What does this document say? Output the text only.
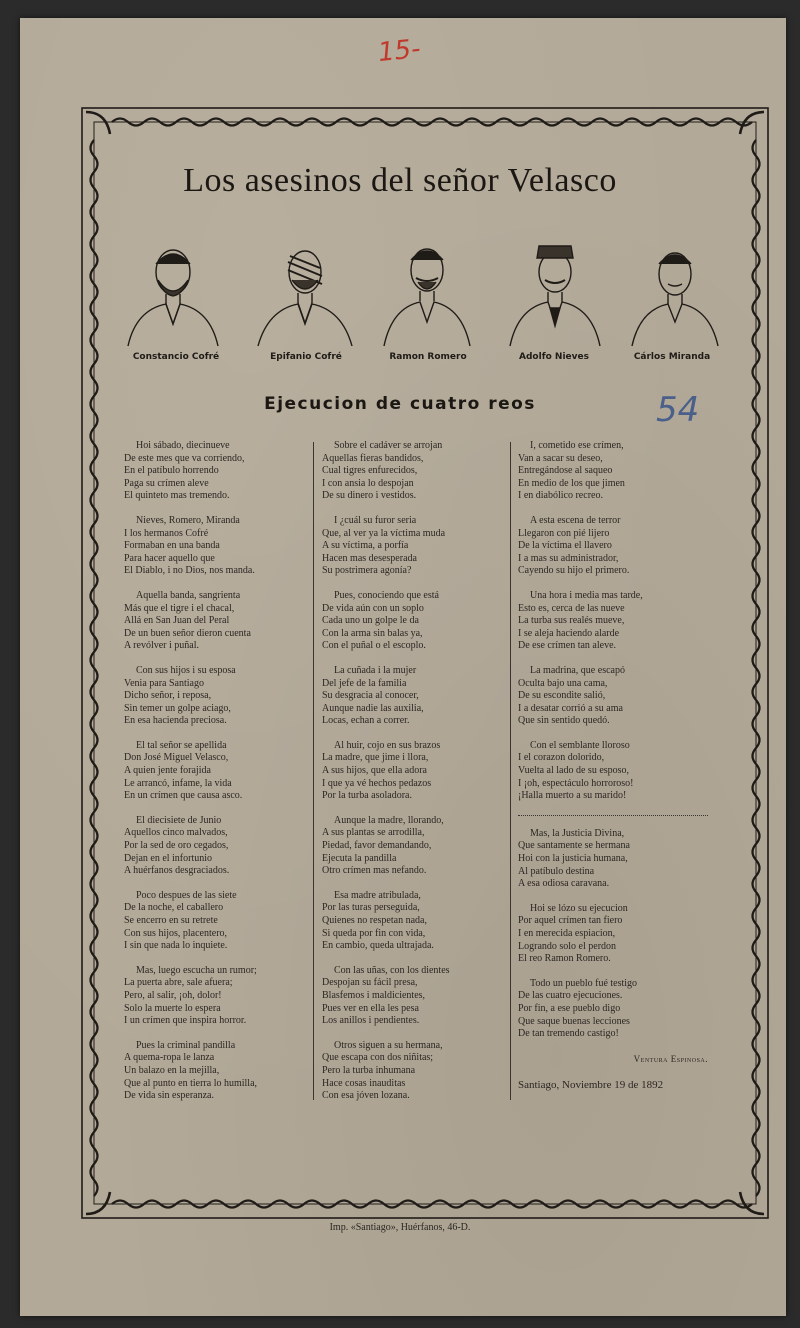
15-
54
Los asesinos del señor Velasco
Constancio Cofré	Epifanio Cofré	Ramon Romero	Adolfo Nieves	Cárlos Miranda
Ejecucion de cuatro reos
Hoi sábado, diecinueve
De este mes que va corriendo,
En el patíbulo horrendo
Paga su crímen aleve
El quinteto mas tremendo.
Nieves, Romero, Miranda
I los hermanos Cofré
Formaban en una banda
Para hacer aquello que
El Diablo, i no Dios, nos manda.
Aquella banda, sangrienta
Más que el tigre i el chacal,
Allá en San Juan del Peral
De un buen señor dieron cuenta
A revólver i puñal.
Con sus hijos i su esposa
Venia para Santiago
Dicho señor, i reposa,
Sin temer un golpe aciago,
En esa hacienda preciosa.
El tal señor se apellida
Don José Miguel Velasco,
A quien jente forajida
Le arrancó, infame, la vida
En un crímen que causa asco.
El diecisiete de Junio
Aquellos cinco malvados,
Por la sed de oro cegados,
Dejan en el infortunio
A huérfanos desgraciados.
Poco despues de las siete
De la noche, el caballero
Se encerro en su retrete
Con sus hijos, placentero,
I sin que nada lo inquiete.
Mas, luego escucha un rumor;
La puerta abre, sale afuera;
Pero, al salir, ¡oh, dolor!
Solo la muerte lo espera
I un crímen que inspira horror.
Pues la criminal pandilla
A quema-ropa le lanza
Un balazo en la mejilla,
Que al punto en tierra lo humilla,
De vida sin esperanza.
Sobre el cadáver se arrojan
Aquellas fieras bandidos,
Cual tigres enfurecidos,
I con ansia lo despojan
De su dinero i vestidos.
I ¿cuál su furor seria
Que, al ver ya la víctima muda
A su víctima, a porfía
Hacen mas desesperada
Su postrimera agonía?
Pues, conociendo que está
De vida aún con un soplo
Cada uno un golpe le da
Con la arma sin balas ya,
Con el puñal o el escoplo.
La cuñada i la mujer
Del jefe de la familia
Su desgracia al conocer,
Aunque nadie las auxilia,
Locas, echan a correr.
Al huir, cojo en sus brazos
La madre, que jime i llora,
A sus hijos, que ella adora
I que ya vé hechos pedazos
Por la turba asoladora.
Aunque la madre, llorando,
A sus plantas se arrodilla,
Piedad, favor demandando,
Ejecuta la pandilla
Otro crímen mas nefando.
Esa madre atribulada,
Por las turas perseguida,
Quienes no respetan nada,
Si queda por fin con vida,
En cambio, queda ultrajada.
Con las uñas, con los dientes
Despojan su fácil presa,
Blasfemos i maldicientes,
Pues ver en ella les pesa
Los anillos i pendientes.
Otros siguen a su hermana,
Que escapa con dos niñitas;
Pero la turba inhumana
Hace cosas inauditas
Con esa jóven lozana.
I, cometido ese crímen,
Van a sacar su deseo,
Entregándose al saqueo
En medio de los que jimen
I en diabólico recreo.
A esta escena de terror
Llegaron con pié lijero
De la víctima el llavero
I a mas su administrador,
Cayendo su hijo el primero.
Una hora i media mas tarde,
Esto es, cerca de las nueve
La turba sus realés mueve,
I se aleja haciendo alarde
De ese crímen tan aleve.
La madrina, que escapó
Oculta bajo una cama,
De su escondite salió,
I a desatar corrió a su ama
Que sin sentido quedó.
Con el semblante lloroso
I el corazon dolorido,
Vuelta al lado de su esposo,
I ¡oh, espectáculo horroroso!
¡Halla muerto a su marido!
Mas, la Justicia Divina,
Que santamente se hermana
Hoi con la justicia humana,
Al patíbulo destina
A esa odiosa caravana.
Hoi se lózo su ejecucion
Por aquel crímen tan fiero
I en merecida espiacion,
Logrando solo el perdon
El reo Ramon Romero.
Todo un pueblo fué testigo
De las cuatro ejecuciones.
Por fin, a ese pueblo digo
Que saque buenas lecciones
De tan tremendo castigo!
Ventura Espinosa.
Santiago, Noviembre 19 de 1892
Imp. «Santiago», Huérfanos, 46-D.
